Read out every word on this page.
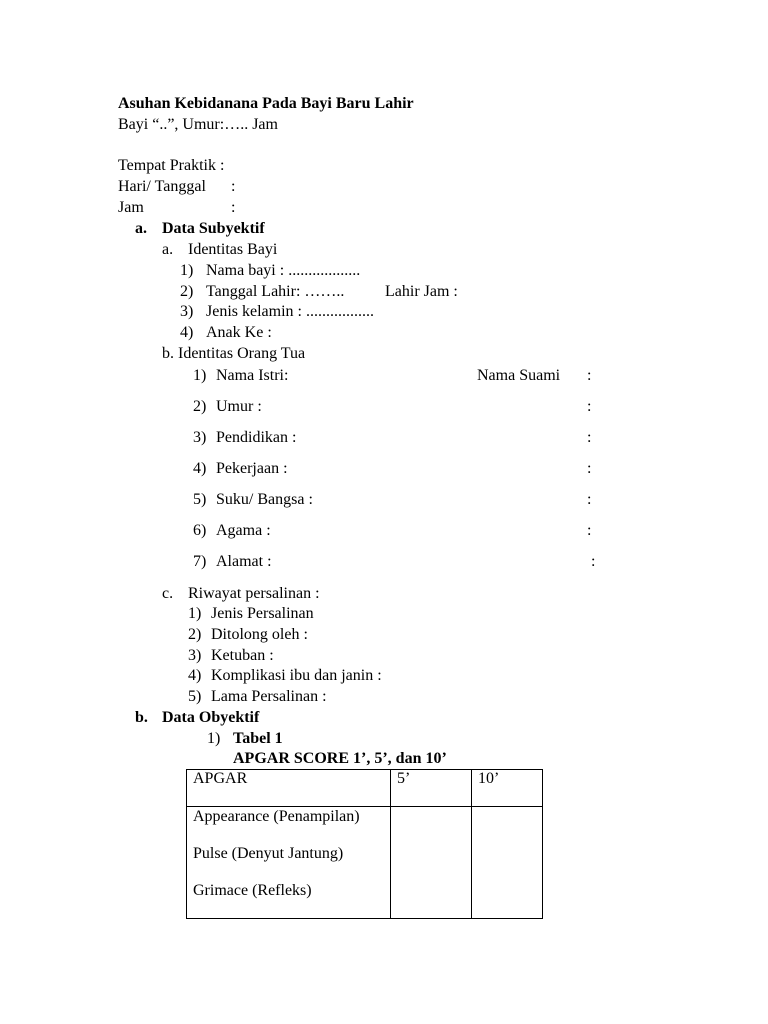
Asuhan Kebidanana Pada Bayi Baru Lahir
Bayi “..”, Umur:….. Jam
Tempat Praktik :
Hari/ Tanggal :
Jam	:
a. Data Subyektif
a. Identitas Bayi
1) Nama bayi : ..................
2) Tanggal Lahir: ……..	Lahir Jam :
3) Jenis kelamin : .................
4) Anak Ke :
b. Identitas Orang Tua
1) Nama Istri:	Nama Suami :
2) Umur :	:
3) Pendidikan :	:
4) Pekerjaan :	:
5) Suku/ Bangsa :	:
6) Agama :	:
7) Alamat :	:
c. Riwayat persalinan :
1) Jenis Persalinan
2) Ditolong oleh :
3) Ketuban :
4) Komplikasi ibu dan janin :
5) Lama Persalinan :
b. Data Obyektif
1) Tabel 1
APGAR SCORE 1’, 5’, dan 10’
APGAR	5’	10’

Appearance (Penampilan)
Pulse (Denyut Jantung)
Grimace (Refleks)		
